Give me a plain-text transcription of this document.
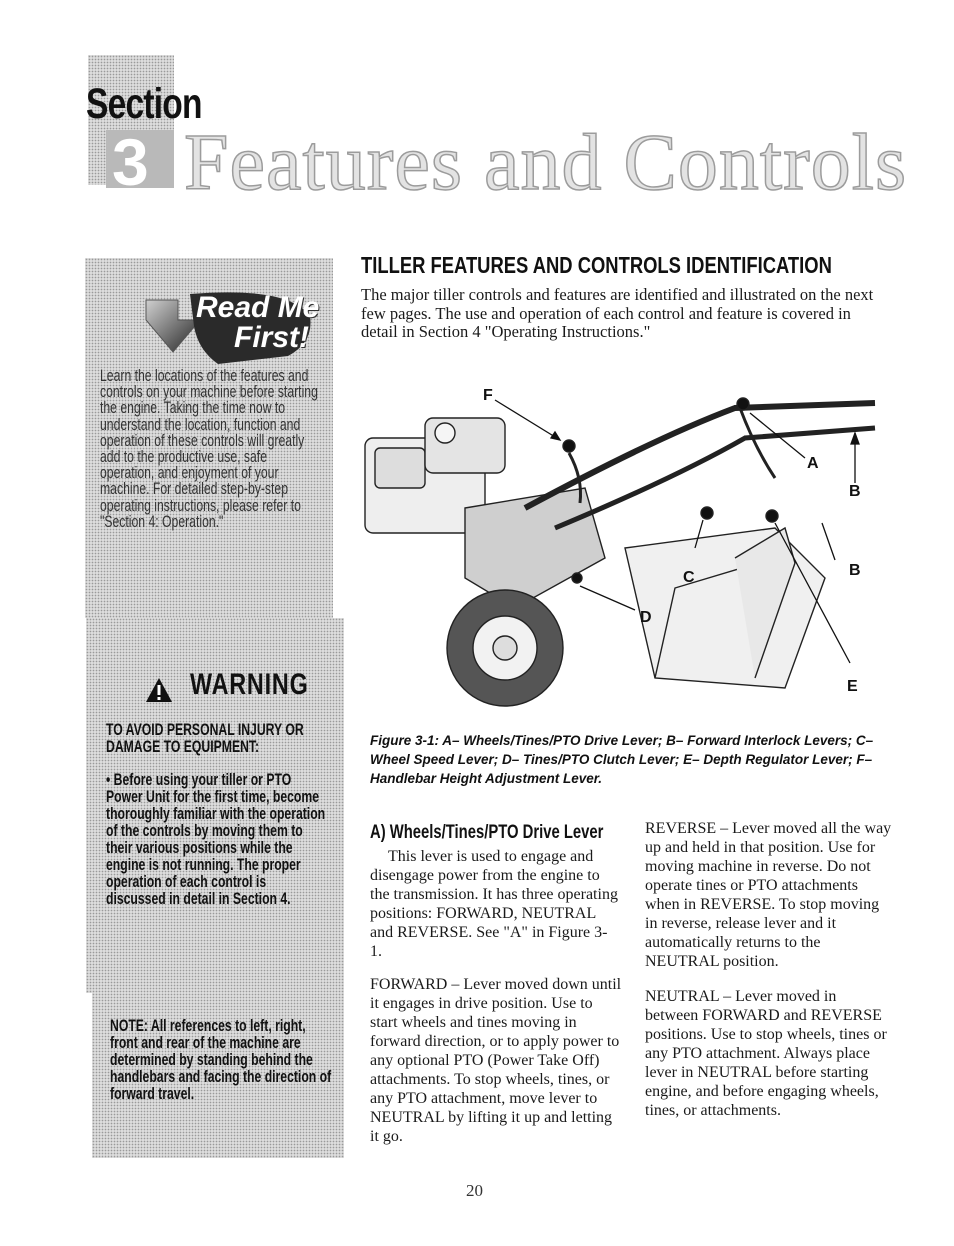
3
Section
Features and Controls
Read Me
First!
Learn the locations of the features and controls on your machine before starting the engine. Taking the time now to understand the location, function and operation of these controls will greatly add to the productive use, safe operation, and enjoyment of your machine. For detailed step-by-step operating instructions, please refer to "Section 4: Operation."
WARNING
TO AVOID PERSONAL INJURY OR DAMAGE TO EQUIPMENT:
• Before using your tiller or PTO Power Unit for the first time, become thoroughly familiar with the operation of the controls by moving them to their various positions while the engine is not running. The proper operation of each control is discussed in detail in Section 4.
NOTE: All references to left, right, front and rear of the machine are determined by standing behind the handlebars and facing the direction of forward travel.
TILLER FEATURES AND CONTROLS IDENTIFICATION
The major tiller controls and features are identified and illustrated on the next few pages. The use and operation of each control and feature is covered in detail in Section 4 "Operating Instructions."
F
A
B
B
C
D
E
Figure 3-1: A– Wheels/Tines/PTO Drive Lever; B– Forward Interlock Levers; C– Wheel Speed Lever; D– Tines/PTO Clutch Lever; E– Depth Regulator Lever; F– Handlebar Height Adjustment Lever.
A) Wheels/Tines/PTO Drive Lever
This lever is used to engage and disengage power from the engine to the transmission. It has three operating positions: FORWARD, NEUTRAL and REVERSE. See "A" in Figure 3-1.
FORWARD – Lever moved down until it engages in drive position. Use to start wheels and tines moving in forward direction, or to apply power to any optional PTO (Power Take Off) attachments. To stop wheels, tines, or any PTO attachment, move lever to NEUTRAL by lifting it up and letting it go.
REVERSE – Lever moved all the way up and held in that position. Use for moving machine in reverse. Do not operate tines or PTO attachments when in REVERSE. To stop moving in reverse, release lever and it automatically returns to the NEUTRAL position.
NEUTRAL – Lever moved in between FORWARD and REVERSE positions. Use to stop wheels, tines or any PTO attachment. Always place lever in NEUTRAL before starting engine, and before engaging wheels, tines, or attachments.
20
